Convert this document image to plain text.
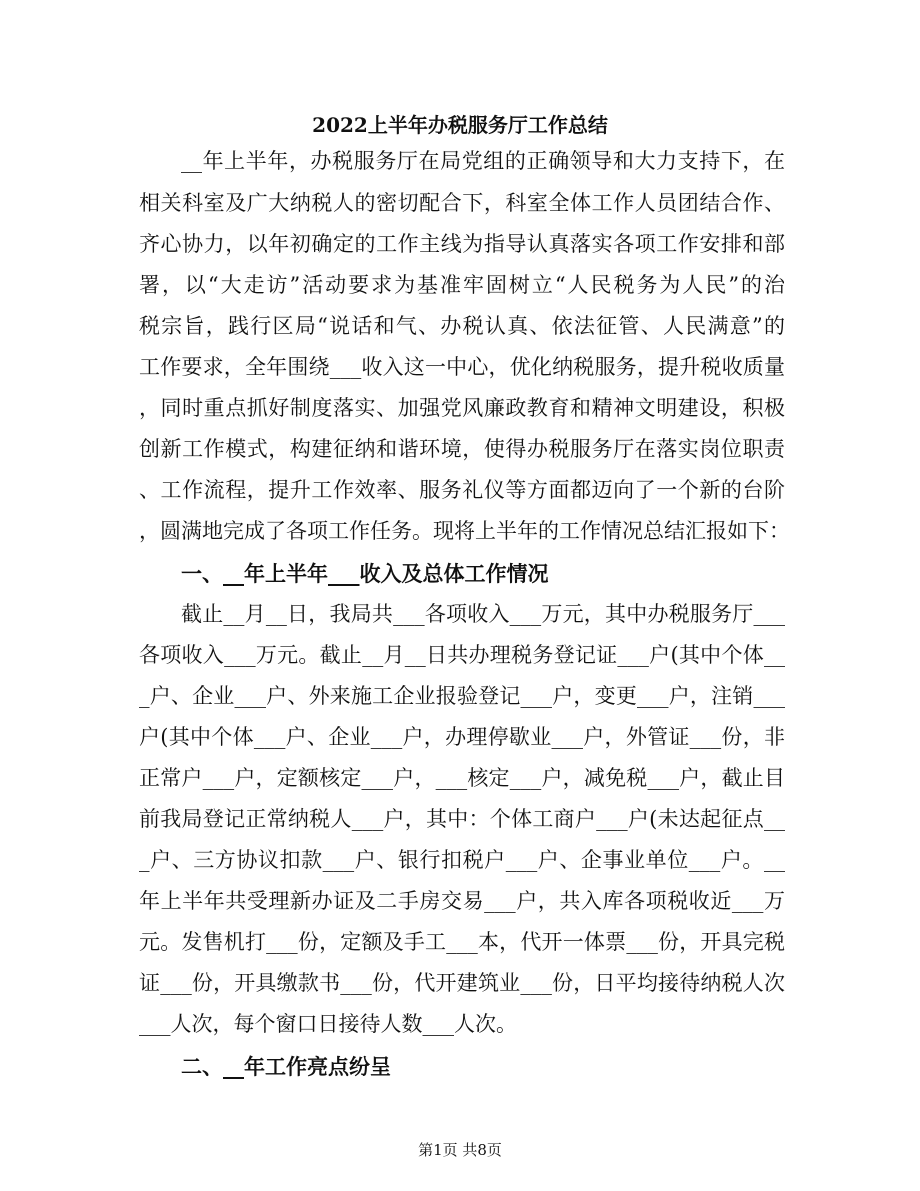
2022上半年办税服务厅工作总结

__年上半年，办税服务厅在局党组的正确领导和大力支持下，在

相关科室及广大纳税人的密切配合下，科室全体工作人员团结合作、

齐心协力，以年初确定的工作主线为指导认真落实各项工作安排和部

署，以“大走访”活动要求为基准牢固树立“人民税务为人民”的治

税宗旨，践行区局“说话和气、办税认真、依法征管、人民满意”的

工作要求，全年围绕___收入这一中心，优化纳税服务，提升税收质量

，同时重点抓好制度落实、加强党风廉政教育和精神文明建设，积极

创新工作模式，构建征纳和谐环境，使得办税服务厅在落实岗位职责

、工作流程，提升工作效率、服务礼仪等方面都迈向了一个新的台阶

，圆满地完成了各项工作任务。现将上半年的工作情况总结汇报如下：

一、__年上半年___收入及总体工作情况

截止__月__日，我局共___各项收入___万元，其中办税服务厅___

各项收入___万元。截止__月__日共办理税务登记证___户(其中个体__

_户、企业___户、外来施工企业报验登记___户，变更___户，注销___

户(其中个体___户、企业___户，办理停歇业___户，外管证___份，非

正常户___户，定额核定___户，___核定___户，减免税___户，截止目

前我局登记正常纳税人___户，其中：个体工商户___户(未达起征点__

_户、三方协议扣款___户、银行扣税户___户、企事业单位___户。__

年上半年共受理新办证及二手房交易___户，共入库各项税收近___万

元。发售机打___份，定额及手工___本，代开一体票___份，开具完税

证___份，开具缴款书___份，代开建筑业___份，日平均接待纳税人次

___人次，每个窗口日接待人数___人次。

二、__年工作亮点纷呈

第1页 共8页
